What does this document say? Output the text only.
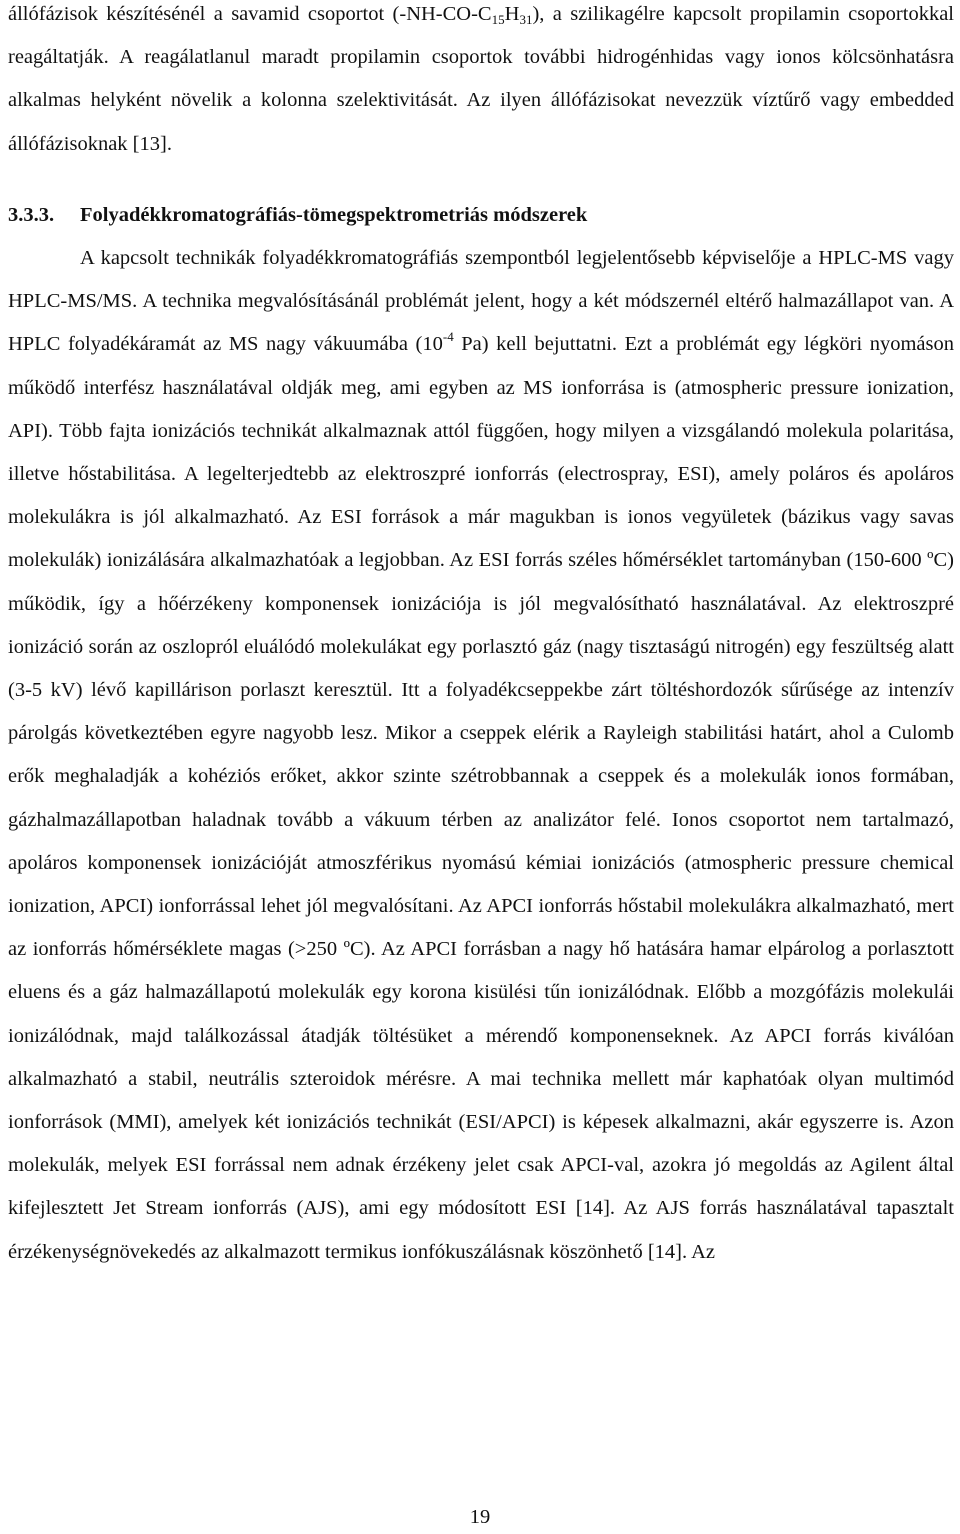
állófázisok készítésénél a savamid csoportot $(-NH-CO-C_{15}H_{31})$, a szilikagélre kapcsolt propilamin csoportokkal reagáltatják. A reagálatlanul maradt propilamin csoportok további hidrogénhidas vagy ionos kölcsönhatásra alkalmas helyként növelik a kolonna szelektivitását. Az ilyen állófázisokat nevezzük víztűrő vagy embedded állófázisoknak [13].

3.3.3. Folyadékkromatográfiás-tömegspektrometriás módszerek

A kapcsolt technikák folyadékkromatográfiás szempontból legjelentősebb képviselője a HPLC-MS vagy HPLC-MS/MS. A technika megvalósításánál problémát jelent, hogy a két módszernél eltérő halmazállapot van. A HPLC folyadékáramát az MS nagy vákuumába ($10^{-4}$ Pa) kell bejuttatni. Ezt a problémát egy légköri nyomáson működő interfész használatával oldják meg, ami egyben az MS ionforrása is (atmospheric pressure ionization, API). Több fajta ionizációs technikát alkalmaznak attól függően, hogy milyen a vizsgálandó molekula polaritása, illetve hőstabilitása. A legelterjedtebb az elektroszpré ionforrás (electrospray, ESI), amely poláros és apoláros molekulákra is jól alkalmazható. Az ESI források a már magukban is ionos vegyületek (bázikus vagy savas molekulák) ionizálására alkalmazhatóak a legjobban. Az ESI forrás széles hőmérséklet tartományban (150-600 ºC) működik, így a hőérzékeny komponensek ionizációja is jól megvalósítható használatával. Az elektroszpré ionizáció során az oszlopról eluálódó molekulákat egy porlasztó gáz (nagy tisztaságú nitrogén) egy feszültség alatt (3-5 kV) lévő kapillárison porlaszt keresztül. Itt a folyadékcseppekbe zárt töltéshordozók sűrűsége az intenzív párolgás következtében egyre nagyobb lesz. Mikor a cseppek elérik a Rayleigh stabilitási határt, ahol a Culomb erők meghaladják a kohéziós erőket, akkor szinte szétrobbannak a cseppek és a molekulák ionos formában, gázhalmazállapotban haladnak tovább a vákuum térben az analizátor felé. Ionos csoportot nem tartalmazó, apoláros komponensek ionizációját atmoszférikus nyomású kémiai ionizációs (atmospheric pressure chemical ionization, APCI) ionforrással lehet jól megvalósítani. Az APCI ionforrás hőstabil molekulákra alkalmazható, mert az ionforrás hőmérséklete magas (>250 ºC). Az APCI forrásban a nagy hő hatására hamar elpárolog a porlasztott eluens és a gáz halmazállapotú molekulák egy korona kisülési tűn ionizálódnak. Előbb a mozgófázis molekulái ionizálódnak, majd találkozással átadják töltésüket a mérendő komponenseknek. Az APCI forrás kiválóan alkalmazható a stabil, neutrális szteroidok mérésre. A mai technika mellett már kaphatóak olyan multimód ionforrások (MMI), amelyek két ionizációs technikát (ESI/APCI) is képesek alkalmazni, akár egyszerre is. Azon molekulák, melyek ESI forrással nem adnak érzékeny jelet csak APCI-val, azokra jó megoldás az Agilent által kifejlesztett Jet Stream ionforrás (AJS), ami egy módosított ESI [14]. Az AJS forrás használatával tapasztalt érzékenységnövekedés az alkalmazott termikus ionfókuszálásnak köszönhető [14]. Az

19
